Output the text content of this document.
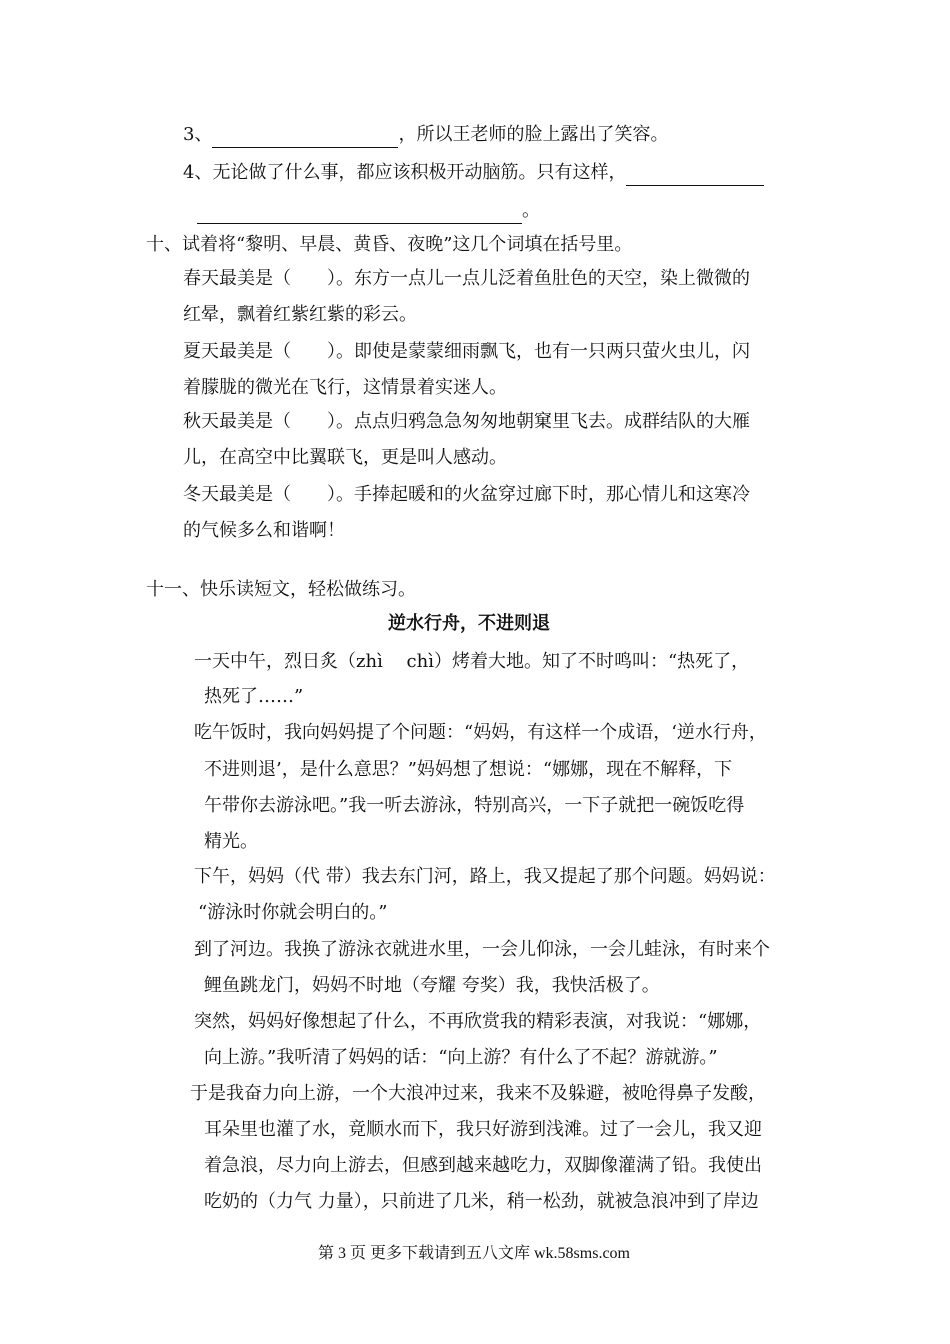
3、	，所以王老师的脸上露出了笑容。
4、无论做了什么事，都应该积极开动脑筋。只有这样，
。
十、试着将“黎明、早晨、黄昏、夜晚”这几个词填在括号里。
春天最美是（　　）。东方一点儿一点儿泛着鱼肚色的天空，染上微微的
红晕，飘着红紫红紫的彩云。
夏天最美是（　　）。即使是蒙蒙细雨飘飞，也有一只两只萤火虫儿，闪
着朦胧的微光在飞行，这情景着实迷人。
秋天最美是（　　）。点点归鸦急急匆匆地朝窠里飞去。成群结队的大雁
儿，在高空中比翼联飞，更是叫人感动。
冬天最美是（　　）。手捧起暖和的火盆穿过廊下时，那心情儿和这寒冷
的气候多么和谐啊！
十一、快乐读短文，轻松做练习。
逆水行舟，不进则退
一天中午，烈日炙（zhì　 chì）烤着大地。知了不时鸣叫：“热死了，
热死了……”
吃午饭时，我向妈妈提了个问题：“妈妈，有这样一个成语，‘逆水行舟，
不进则退’，是什么意思？”妈妈想了想说：“娜娜，现在不解释，下
午带你去游泳吧。”我一听去游泳，特别高兴，一下子就把一碗饭吃得
精光。
下午，妈妈（代 带）我去东门河，路上，我又提起了那个问题。妈妈说：
“游泳时你就会明白的。”
到了河边。我换了游泳衣就进水里，一会儿仰泳，一会儿蛙泳，有时来个
鲤鱼跳龙门，妈妈不时地（夸耀 夸奖）我，我快活极了。
突然，妈妈好像想起了什么，不再欣赏我的精彩表演，对我说：“娜娜，
向上游。”我听清了妈妈的话：“向上游？有什么了不起？游就游。”
于是我奋力向上游，一个大浪冲过来，我来不及躲避，被呛得鼻子发酸，
耳朵里也灌了水，竟顺水而下，我只好游到浅滩。过了一会儿，我又迎
着急浪，尽力向上游去，但感到越来越吃力，双脚像灌满了铅。我使出
吃奶的（力气 力量），只前进了几米，稍一松劲，就被急浪冲到了岸边
第 3 页 更多下载请到五八文库 wk.58sms.com
